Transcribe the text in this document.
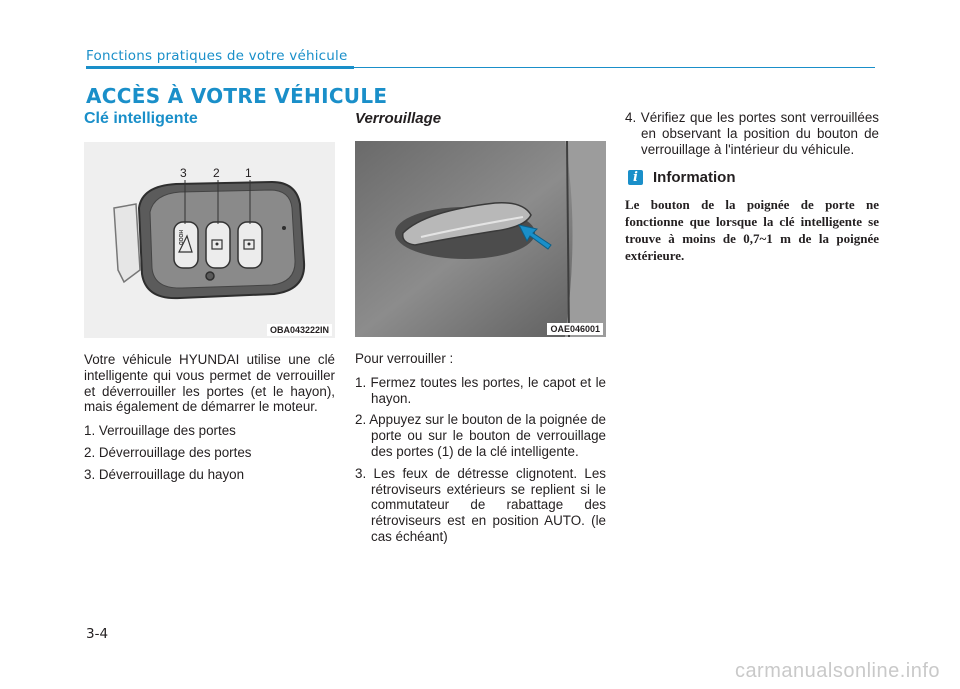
Fonctions pratiques de votre véhicule
ACCÈS À VOTRE VÉHICULE
Clé intelligente
3 2 1
HOOD
OBA043222IN

Votre véhicule HYUNDAI utilise une clé intelligente qui vous permet de verrouiller et déverrouiller les portes (et le hayon), mais également de démarrer le moteur.

1. Verrouillage des portes
2. Déverrouillage des portes
3. Déverrouillage du hayon
Verrouillage
OAE046001

Pour verrouiller :

1. Fermez toutes les portes, le capot et le hayon.
2. Appuyez sur le bouton de la poignée de porte ou sur le bouton de verrouillage des portes (1) de la clé intelligente.
3. Les feux de détresse clignotent. Les rétroviseurs extérieurs se replient si le commutateur de rabattage des rétroviseurs est en position AUTO. (le cas échéant)
4. Vérifiez que les portes sont verrouillées en observant la position du bouton de verrouillage à l'intérieur du véhicule.
i	Information
Le bouton de la poignée de porte ne fonctionne que lorsque la clé intelligente se trouve à moins de 0,7~1 m de la poignée extérieure.
3-4
carmanualsonline.info
